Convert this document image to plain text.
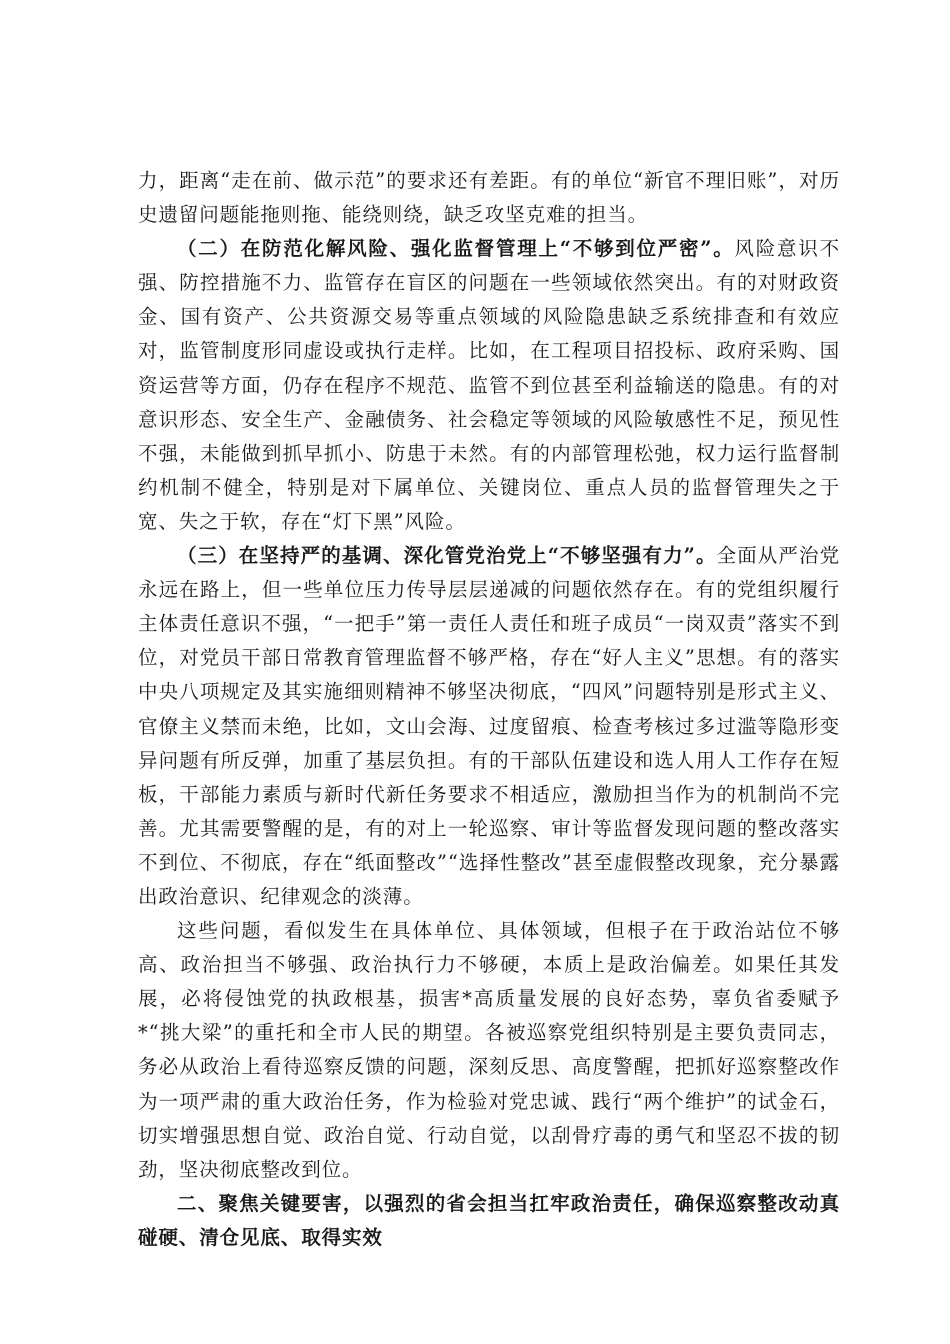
力，距离“走在前、做示范”的要求还有差距。有的单位“新官不理旧账”，对历史遗留问题能拖则拖、能绕则绕，缺乏攻坚克难的担当。
（二）在防范化解风险、强化监督管理上“不够到位严密”。风险意识不强、防控措施不力、监管存在盲区的问题在一些领域依然突出。有的对财政资金、国有资产、公共资源交易等重点领域的风险隐患缺乏系统排查和有效应对，监管制度形同虚设或执行走样。比如，在工程项目招投标、政府采购、国资运营等方面，仍存在程序不规范、监管不到位甚至利益输送的隐患。有的对意识形态、安全生产、金融债务、社会稳定等领域的风险敏感性不足，预见性不强，未能做到抓早抓小、防患于未然。有的内部管理松弛，权力运行监督制约机制不健全，特别是对下属单位、关键岗位、重点人员的监督管理失之于宽、失之于软，存在“灯下黑”风险。
（三）在坚持严的基调、深化管党治党上“不够坚强有力”。全面从严治党永远在路上，但一些单位压力传导层层递减的问题依然存在。有的党组织履行主体责任意识不强，“一把手”第一责任人责任和班子成员“一岗双责”落实不到位，对党员干部日常教育管理监督不够严格，存在“好人主义”思想。有的落实中央八项规定及其实施细则精神不够坚决彻底，“四风”问题特别是形式主义、官僚主义禁而未绝，比如，文山会海、过度留痕、检查考核过多过滥等隐形变异问题有所反弹，加重了基层负担。有的干部队伍建设和选人用人工作存在短板，干部能力素质与新时代新任务要求不相适应，激励担当作为的机制尚不完善。尤其需要警醒的是，有的对上一轮巡察、审计等监督发现问题的整改落实不到位、不彻底，存在“纸面整改”“选择性整改”甚至虚假整改现象，充分暴露出政治意识、纪律观念的淡薄。
这些问题，看似发生在具体单位、具体领域，但根子在于政治站位不够高、政治担当不够强、政治执行力不够硬，本质上是政治偏差。如果任其发展，必将侵蚀党的执政根基，损害*高质量发展的良好态势，辜负省委赋予*“挑大梁”的重托和全市人民的期望。各被巡察党组织特别是主要负责同志，务必从政治上看待巡察反馈的问题，深刻反思、高度警醒，把抓好巡察整改作为一项严肃的重大政治任务，作为检验对党忠诚、践行“两个维护”的试金石，切实增强思想自觉、政治自觉、行动自觉，以刮骨疗毒的勇气和坚忍不拔的韧劲，坚决彻底整改到位。
二、聚焦关键要害，以强烈的省会担当扛牢政治责任，确保巡察整改动真碰硬、清仓见底、取得实效
